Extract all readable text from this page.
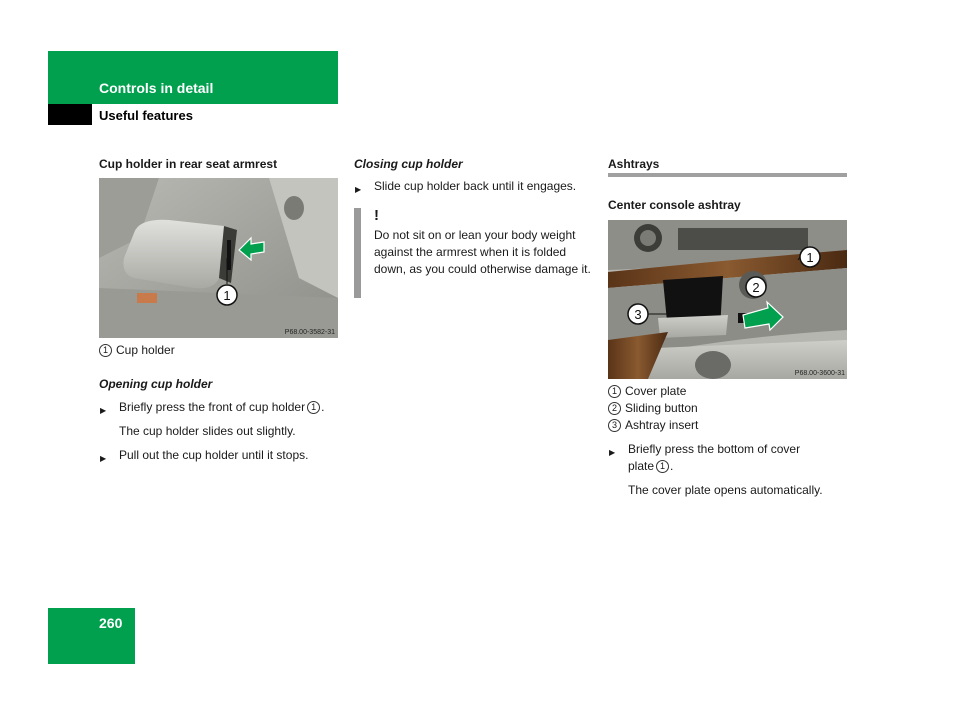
Controls in detail
Useful features
Cup holder in rear seat armrest
1
P68.00-3582-31
1 Cup holder
Opening cup holder
▶ Briefly press the front of cup holder 1 .
The cup holder slides out slightly.
▶ Pull out the cup holder until it stops.
Closing cup holder
▶ Slide cup holder back until it engages.
!
Do not sit on or lean your body weight against the armrest when it is folded down, as you could otherwise damage it.
Ashtrays
Center console ashtray
1
2
3
P68.00-3600-31
1 Cover plate
2 Sliding button
3 Ashtray insert
▶ Briefly press the bottom of cover plate 1 .
The cover plate opens automatically.
260
